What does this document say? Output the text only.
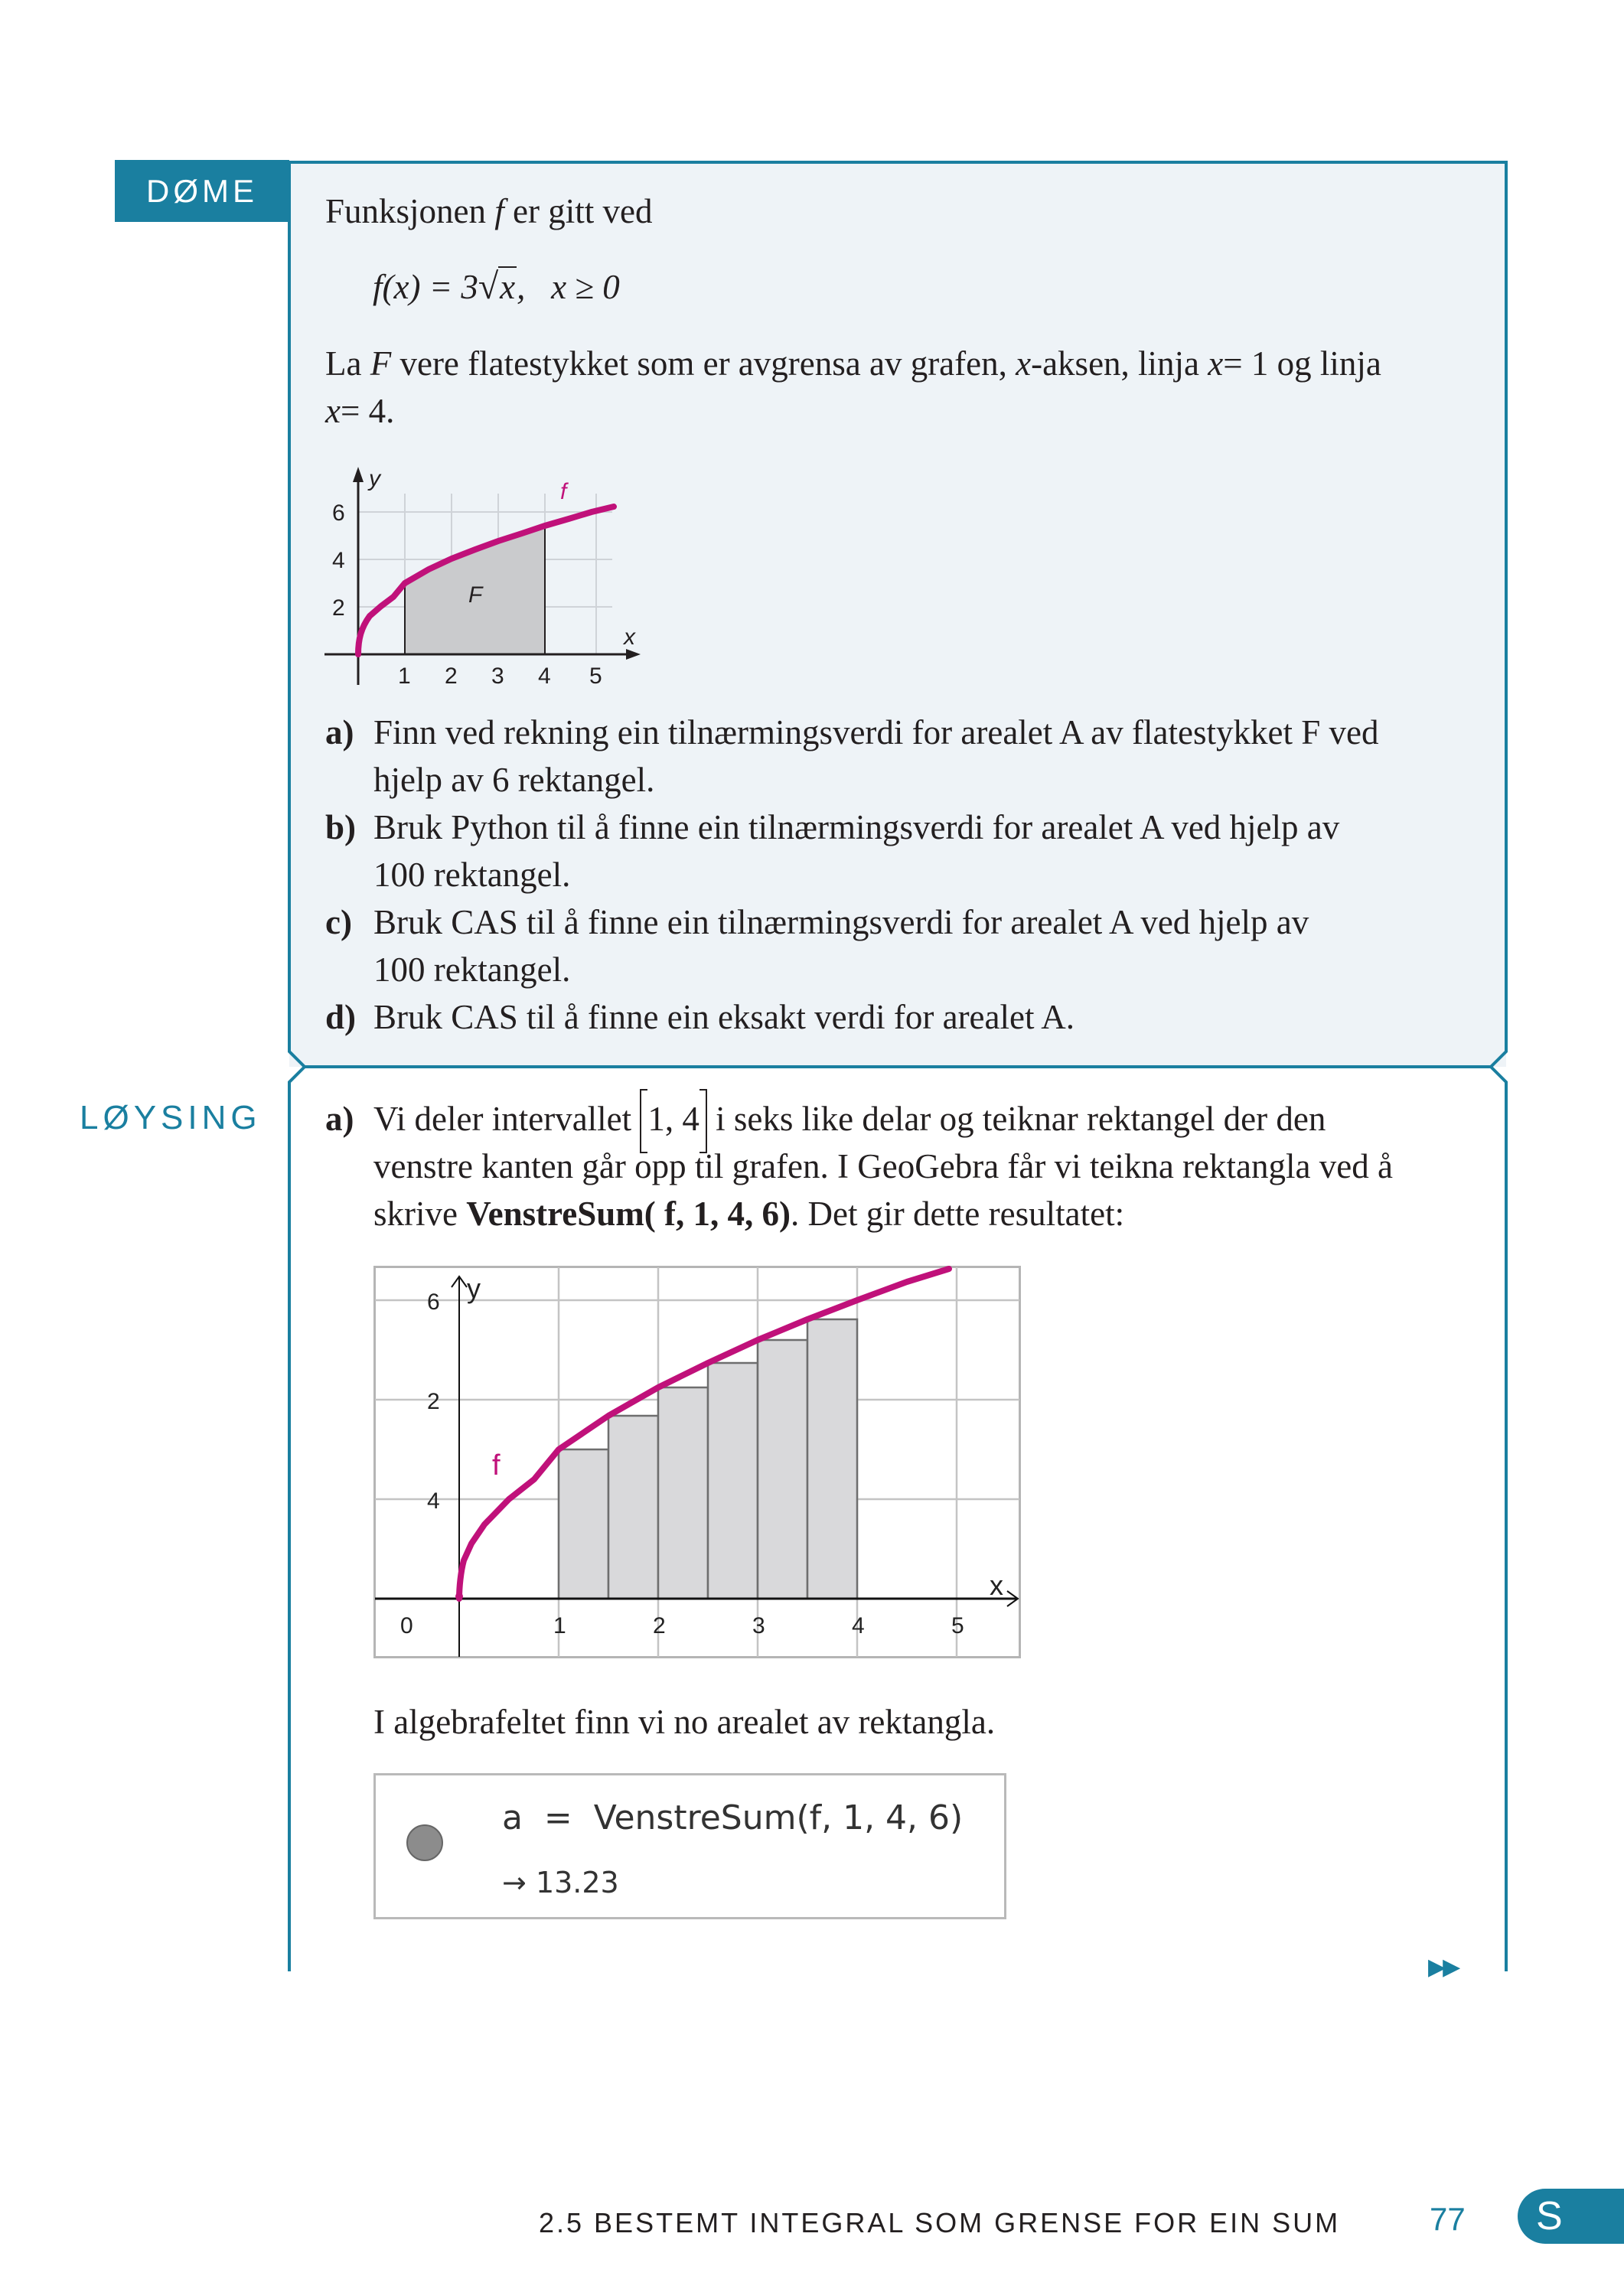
DØME
Funksjonen f er gitt ved
f(x) = 3√x,   x ≥ 0
La F vere flatestykket som er avgrensa av grafen, x-aksen, linja x= 1 og linja
x= 4.
1 2 3 4 5
6
4
2
y
x
F
f
a) Finn ved rekning ein tilnærmingsverdi for arealet A av flatestykket F ved
hjelp av 6 rektangel.
b) Bruk Python til å finne ein tilnærmingsverdi for arealet A ved hjelp av
100 rektangel.
c) Bruk CAS til å finne ein tilnærmingsverdi for arealet A ved hjelp av
100 rektangel.
d) Bruk CAS til å finne ein eksakt verdi for arealet A.
LØYSING a) Vi deler intervallet 1, 4 i seks like delar og teiknar rektangel der den
venstre kanten går opp til grafen. I GeoGebra får vi teikna rektangla ved å
skrive VenstreSum( f, 1, 4, 6). Det gir dette resultatet:
0	1	2	3	4	5
2
4
6 y
x
f
I algebrafeltet finn vi no arealet av rektangla.
a  =  VenstreSum(f, 1, 4, 6)
→ 13.23
▶▶
2.5 BESTEMT INTEGRAL SOM GRENSE FOR EIN SUM	77	S
